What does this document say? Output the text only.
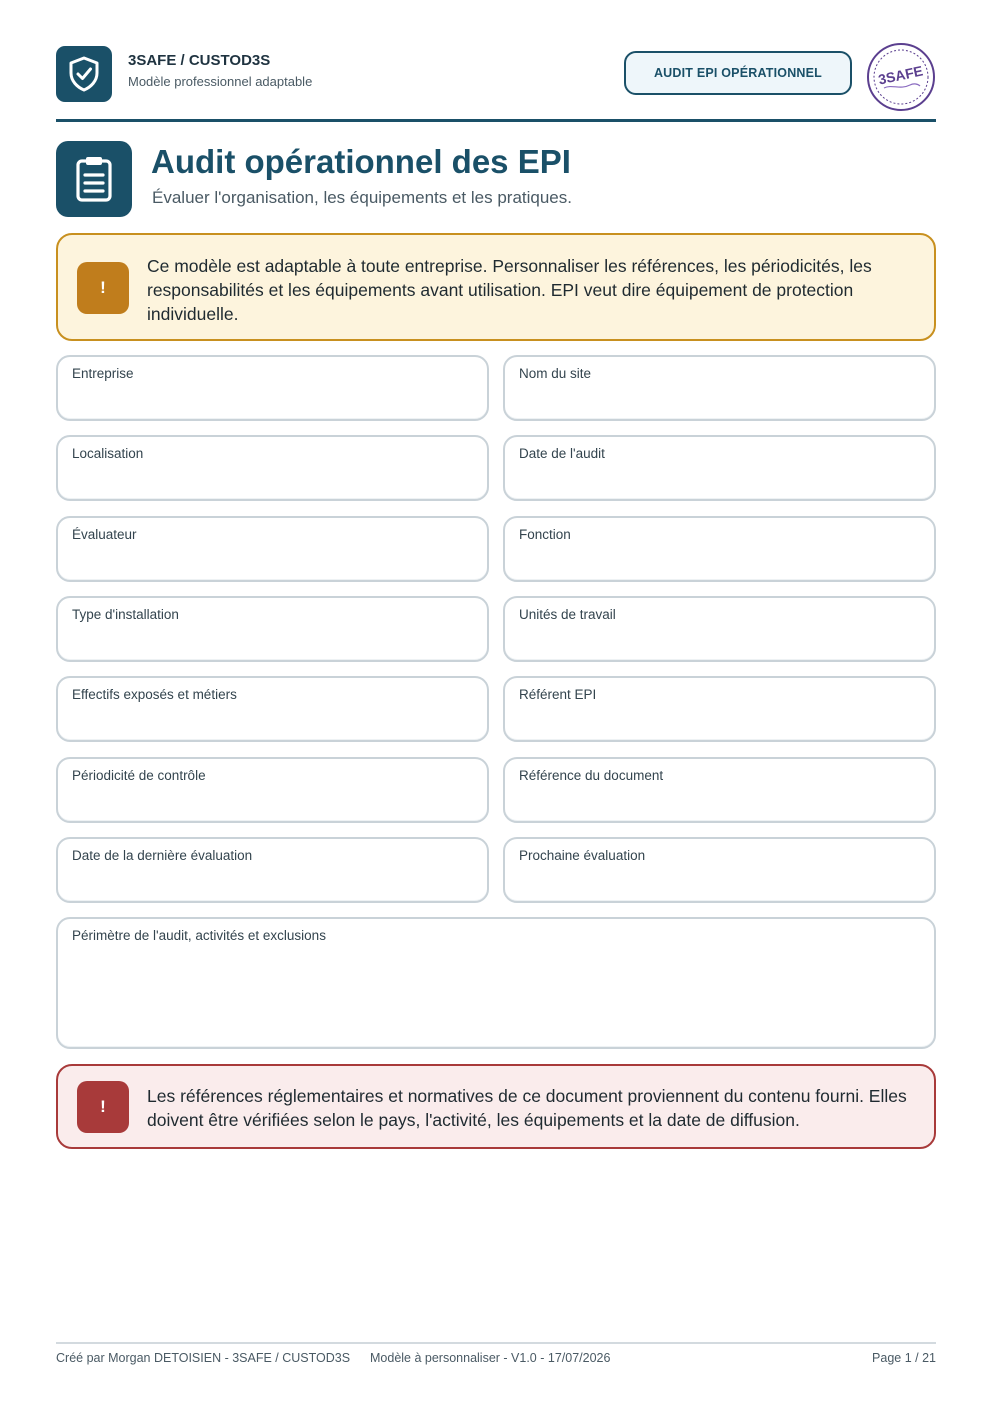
3SAFE / CUSTOD3S
Modèle professionnel adaptable
AUDIT EPI OPÉRATIONNEL	3SAFE
Audit opérationnel des EPI
Évaluer l'organisation, les équipements et les pratiques.
!
Ce modèle est adaptable à toute entreprise. Personnaliser les références, les périodicités, les responsabilités et les équipements avant utilisation. EPI veut dire équipement de protection individuelle.
Entreprise	Nom du site
Localisation	Date de l'audit
Évaluateur	Fonction
Type d'installation	Unités de travail
Effectifs exposés et métiers	Référent EPI
Périodicité de contrôle	Référence du document
Date de la dernière évaluation	Prochaine évaluation
Périmètre de l'audit, activités et exclusions
!
Les références réglementaires et normatives de ce document proviennent du contenu fourni. Elles doivent être vérifiées selon le pays, l'activité, les équipements et la date de diffusion.
Créé par Morgan DETOISIEN - 3SAFE / CUSTOD3S Modèle à personnaliser - V1.0 - 17/07/2026	Page 1 / 21
